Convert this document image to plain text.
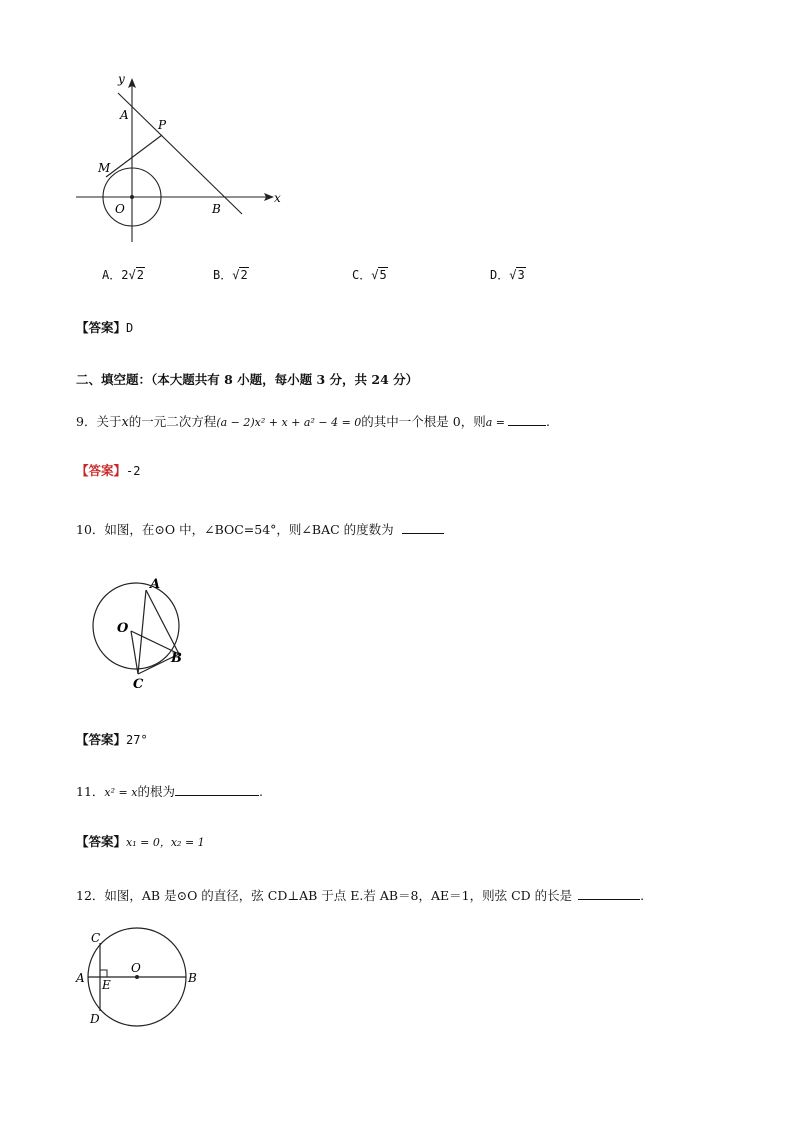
y
x
A
P
M
O	B
A．2√2	B．√2	C．√5	D．√3
【答案】D
二、填空题：（本大题共有 8 小题，每小题 3 分，共 24 分）
9．关于x的一元二次方程(a − 2)x² + x + a² − 4 = 0的其中一个根是 0，则a =	.
【答案】-2
10．如图，在⊙O 中，∠BOC=54°，则∠BAC 的度数为
A
O
B
C
【答案】27°
11．x² = x的根为	.
【答案】x₁ = 0，x₂ = 1
12．如图，AB 是⊙O 的直径，弦 CD⊥AB 于点 E.若 AB＝8，AE＝1，则弦 CD 的长是	.
C
A
O
B
E
D
